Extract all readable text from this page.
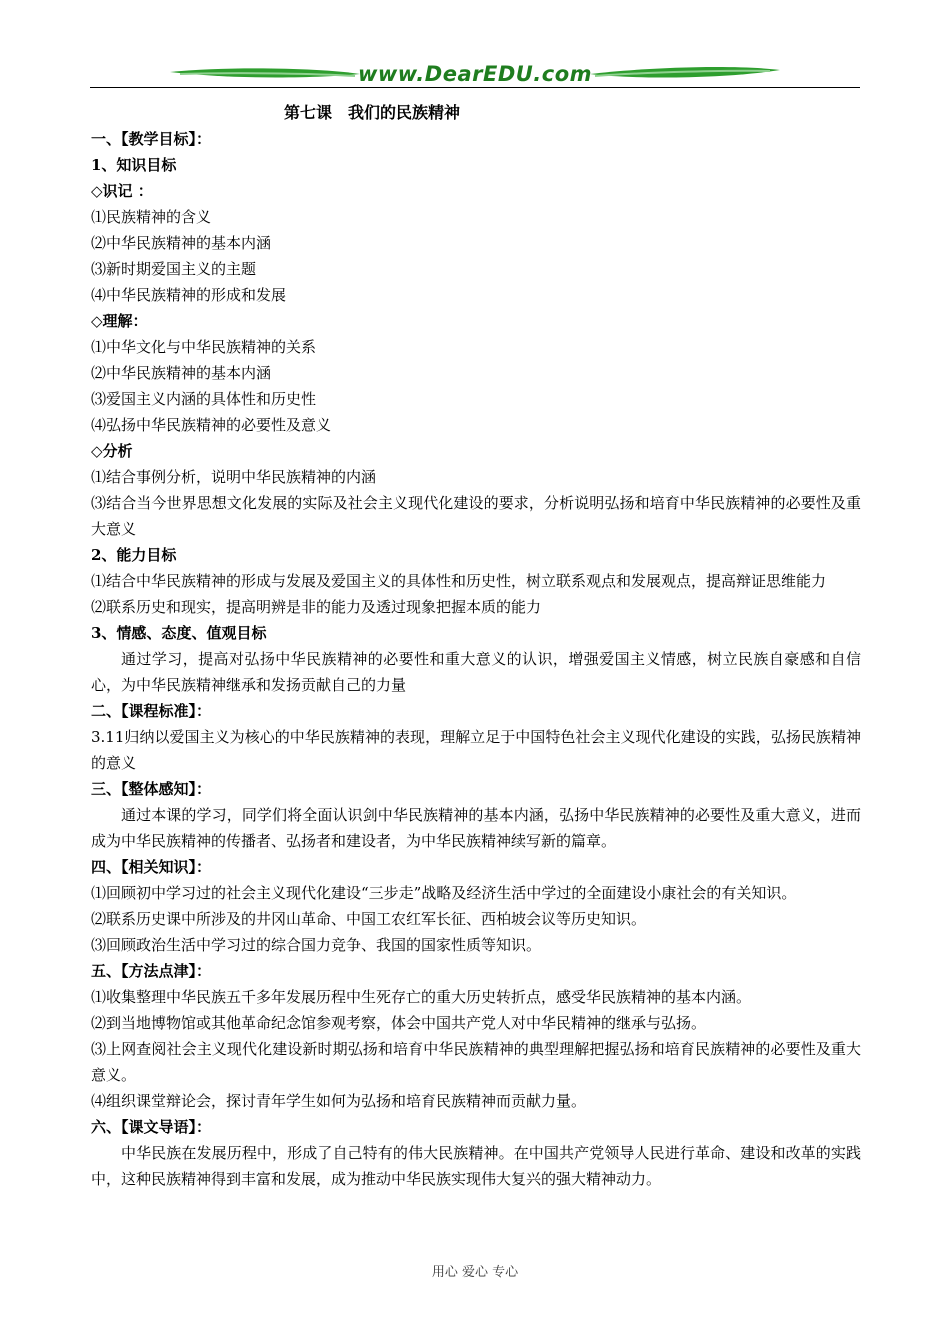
www.DearEDU.com
第七课　我们的民族精神

一、【教学目标】：

1、知识目标

◇识记 ：

⑴民族精神的含义

⑵中华民族精神的基本内涵

⑶新时期爱国主义的主题

⑷中华民族精神的形成和发展

◇理解：

⑴中华文化与中华民族精神的关系

⑵中华民族精神的基本内涵

⑶爱国主义内涵的具体性和历史性

⑷弘扬中华民族精神的必要性及意义

◇分析

⑴结合事例分析，说明中华民族精神的内涵

⑶结合当今世界思想文化发展的实际及社会主义现代化建设的要求，分析说明弘扬和培育中华民族精神的必要性及重大意义

2、能力目标

⑴结合中华民族精神的形成与发展及爱国主义的具体性和历史性，树立联系观点和发展观点，提高辩证思维能力

⑵联系历史和现实，提高明辨是非的能力及透过现象把握本质的能力

3、情感、态度、值观目标

通过学习，提高对弘扬中华民族精神的必要性和重大意义的认识，增强爱国主义情感，树立民族自豪感和自信心，为中华民族精神继承和发扬贡献自己的力量

二、【课程标准】：

3.11归纳以爱国主义为核心的中华民族精神的表现，理解立足于中国特色社会主义现代化建设的实践，弘扬民族精神的意义

三、【整体感知】：

通过本课的学习，同学们将全面认识剑中华民族精神的基本内涵，弘扬中华民族精神的必要性及重大意义，进而成为中华民族精神的传播者、弘扬者和建设者，为中华民族精神续写新的篇章。

四、【相关知识】：

⑴回顾初中学习过的社会主义现代化建设“三步走”战略及经济生活中学过的全面建设小康社会的有关知识。

⑵联系历史课中所涉及的井冈山革命、中国工农红军长征、西柏坡会议等历史知识。

⑶回顾政治生活中学习过的综合国力竞争、我国的国家性质等知识。

五、【方法点津】：

⑴收集整理中华民族五千多年发展历程中生死存亡的重大历史转折点，感受华民族精神的基本内涵。

⑵到当地博物馆或其他革命纪念馆参观考察，体会中国共产党人对中华民精神的继承与弘扬。

⑶上网查阅社会主义现代化建设新时期弘扬和培育中华民族精神的典型理解把握弘扬和培育民族精神的必要性及重大意义。

⑷组织课堂辩论会，探讨青年学生如何为弘扬和培育民族精神而贡献力量。

六、【课文导语】：

中华民族在发展历程中，形成了自己特有的伟大民族精神。在中国共产党领导人民进行革命、建设和改革的实践中，这种民族精神得到丰富和发展，成为推动中华民族实现伟大复兴的强大精神动力。

用心 爱心 专心
